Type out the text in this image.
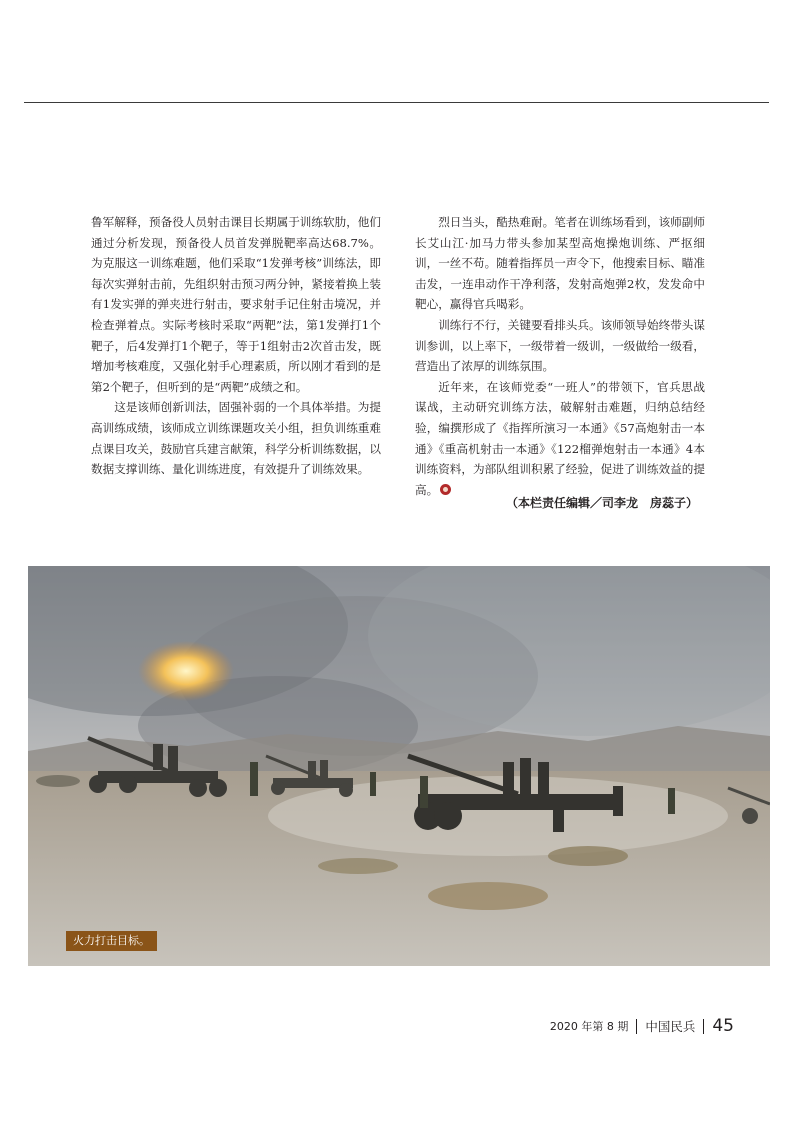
鲁军解释，预备役人员射击课目长期属于训练软肋，他们通过分析发现，预备役人员首发弹脱靶率高达68.7%。为克服这一训练难题，他们采取“1发弹考核”训练法，即每次实弹射击前，先组织射击预习两分钟，紧接着换上装有1发实弹的弹夹进行射击，要求射手记住射击境况，并检查弹着点。实际考核时采取“两靶”法，第1发弹打1个靶子，后4发弹打1个靶子，等于1组射击2次首击发，既增加考核难度，又强化射手心理素质，所以刚才看到的是第2个靶子，但听到的是“两靶”成绩之和。

这是该师创新训法，固强补弱的一个具体举措。为提高训练成绩，该师成立训练课题攻关小组，担负训练重难点课目攻关，鼓励官兵建言献策，科学分析训练数据，以数据支撑训练、量化训练进度，有效提升了训练效果。

烈日当头，酷热难耐。笔者在训练场看到，该师副师长艾山江·加马力带头参加某型高炮操炮训练、严抠细训，一丝不苟。随着指挥员一声令下，他搜索目标、瞄准击发，一连串动作干净利落，发射高炮弹2枚，发发命中靶心，赢得官兵喝彩。

训练行不行，关键要看排头兵。该师领导始终带头谋训参训，以上率下，一级带着一级训，一级做给一级看，营造出了浓厚的训练氛围。

近年来，在该师党委“一班人”的带领下，官兵思战谋战，主动研究训练方法，破解射击难题，归纳总结经验，编撰形成了《指挥所演习一本通》《57高炮射击一本通》《重高机射击一本通》《122榴弹炮射击一本通》4本训练资料，为部队组训积累了经验，促进了训练效益的提高。

（本栏责任编辑／司李龙　房蕊子）
火力打击目标。
2020 年第 8 期 中国民兵 45
